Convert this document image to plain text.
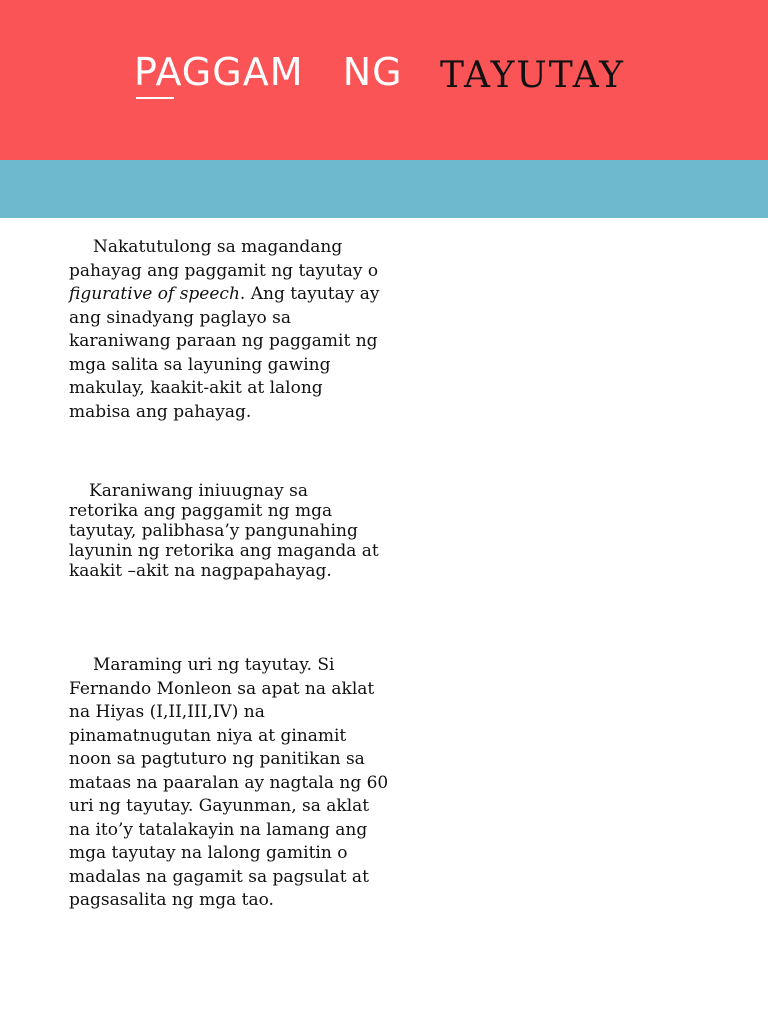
PAGGAM   NG TAYUTAY

Nakatutulong sa magandang pahayag ang paggamit ng tayutay o figurative of speech. Ang tayutay ay ang sinadyang paglayo sa karaniwang paraan ng paggamit ng mga salita sa layuning gawing makulay, kaakit-akit at lalong mabisa ang pahayag.

Karaniwang iniuugnay sa retorika ang paggamit ng mga tayutay, palibhasa’y pangunahing layunin ng retorika ang maganda at kaakit –akit na nagpapahayag.

Maraming uri ng tayutay. Si Fernando Monleon sa apat na aklat na Hiyas (I,II,III,IV) na pinamatnugutan niya at ginamit noon sa pagtuturo ng panitikan sa mataas na paaralan ay nagtala ng 60 uri ng tayutay. Gayunman, sa aklat na ito’y tatalakayin na lamang ang mga tayutay na lalong gamitin o madalas na gagamit sa pagsulat at pagsasalita ng mga tao.
